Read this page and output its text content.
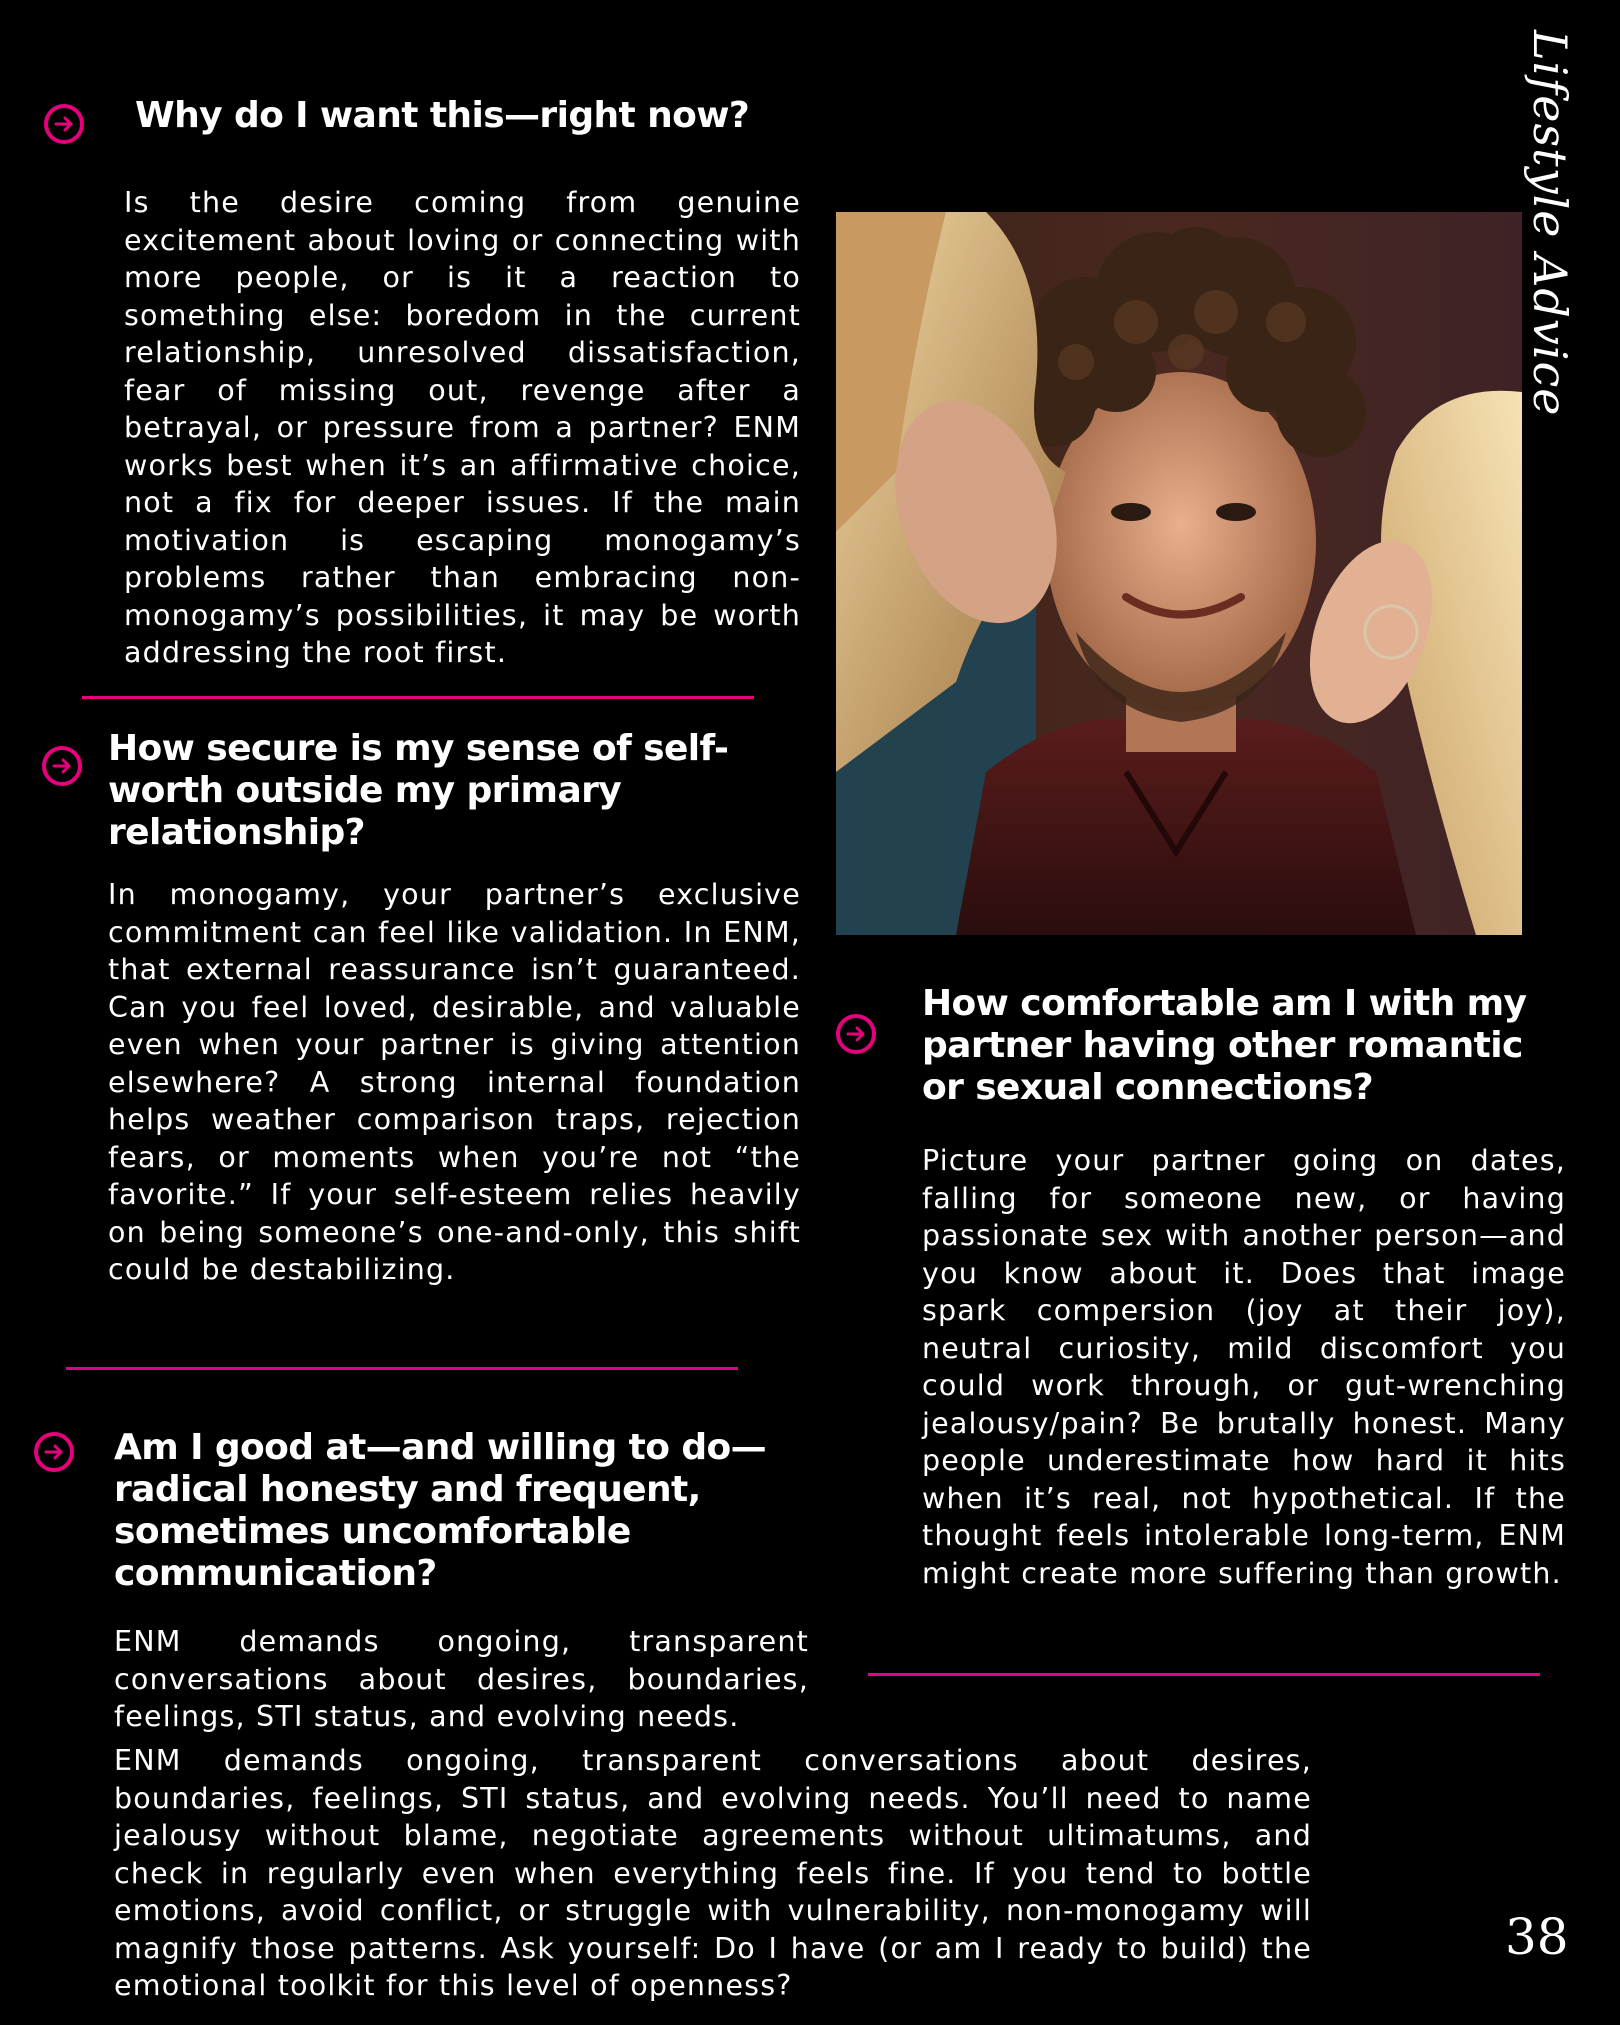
Lifestyle Advice
Why do I want this—right now?

Is the desire coming from genuine excitement about loving or connecting with more people, or is it a reaction to something else: boredom in the current relationship, unresolved dissatisfaction, fear of missing out, revenge after a betrayal, or pressure from a partner? ENM works best when it’s an affirmative choice, not a fix for deeper issues. If the main motivation is escaping monogamy’s problems rather than embracing non-monogamy’s possibilities, it may be worth addressing the root first.

How secure is my sense of self-worth outside my primary relationship?

In monogamy, your partner’s exclusive commitment can feel like validation. In ENM, that external reassurance isn’t guaranteed. Can you feel loved, desirable, and valuable even when your partner is giving attention elsewhere? A strong internal foundation helps weather comparison traps, rejection fears, or moments when you’re not “the favorite.” If your self-esteem relies heavily on being someone’s one-and-only, this shift could be destabilizing.

How comfortable am I with my partner having other romantic or sexual connections?

Picture your partner going on dates, falling for someone new, or having passionate sex with another person—and you know about it. Does that image spark compersion (joy at their joy), neutral curiosity, mild discomfort you could work through, or gut-wrenching jealousy/pain? Be brutally honest. Many people underestimate how hard it hits when it’s real, not hypothetical. If the thought feels intolerable long-term, ENM might create more suffering than growth.

Am I good at—and willing to do—radical honesty and frequent, sometimes uncomfortable communication?

ENM demands ongoing, transparent conversations about desires, boundaries, feelings, STI status, and evolving needs.

ENM demands ongoing, transparent conversations about desires, boundaries, feelings, STI status, and evolving needs. You’ll need to name jealousy without blame, negotiate agreements without ultimatums, and check in regularly even when everything feels fine. If you tend to bottle emotions, avoid conflict, or struggle with vulnerability, non-monogamy will magnify those patterns. Ask yourself: Do I have (or am I ready to build) the emotional toolkit for this level of openness?

38
